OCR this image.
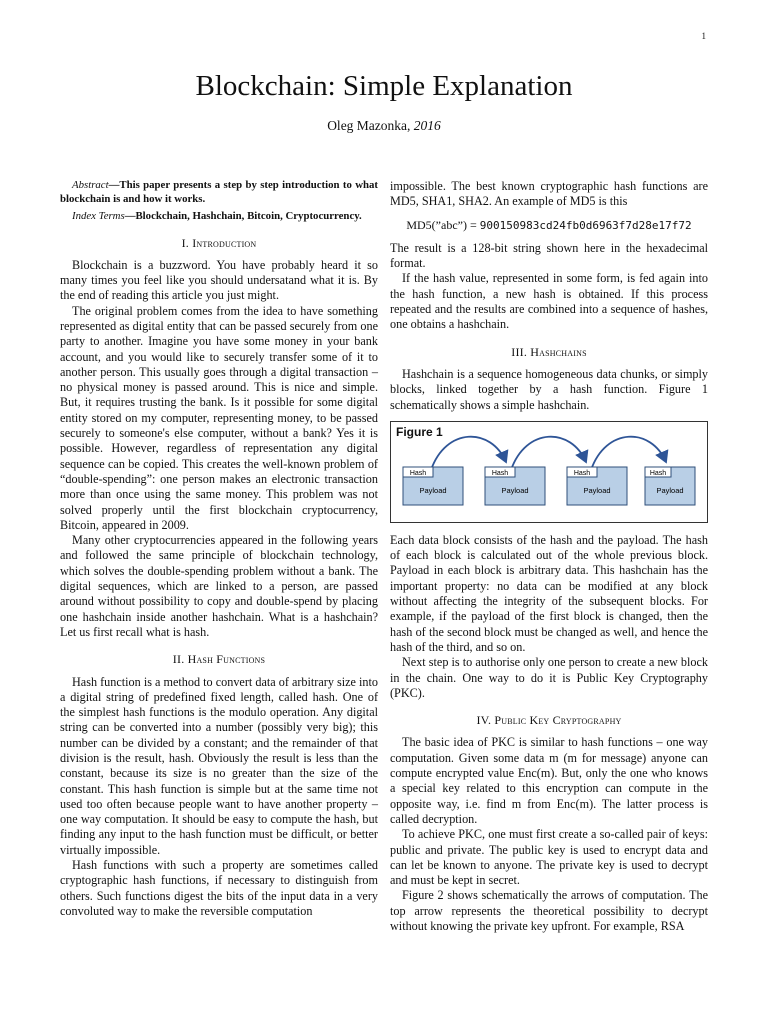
1
Blockchain: Simple Explanation
Oleg Mazonka, 2016

Abstract—This paper presents a step by step introduction to what blockchain is and how it works.

Index Terms—Blockchain, Hashchain, Bitcoin, Cryptocurrency.

I. Introduction

Blockchain is a buzzword. You have probably heard it so many times you feel like you should undersatand what it is. By the end of reading this article you just might.

The original problem comes from the idea to have something represented as digital entity that can be passed securely from one party to another. Imagine you have some money in your bank account, and you would like to securely transfer some of it to another person. This usually goes through a digital transaction – no physical money is passed around. This is nice and simple. But, it requires trusting the bank. Is it possible for some digital entity stored on my computer, representing money, to be passed securely to someone's else computer, without a bank? Yes it is possible. However, regardless of representation any digital sequence can be copied. This creates the well-known problem of “double-spending”: one person makes an electronic transaction more than once using the same money. This problem was not solved properly until the first blockchain cryptocurrency, Bitcoin, appeared in 2009.

Many other cryptocurrencies appeared in the following years and followed the same principle of blockchain technology, which solves the double-spending problem without a bank. The digital sequences, which are linked to a person, are passed around without possibility to copy and double-spend by placing one hashchain inside another hashchain. What is a hashchain? Let us first recall what is hash.

II. Hash Functions

Hash function is a method to convert data of arbitrary size into a digital string of predefined fixed length, called hash. One of the simplest hash functions is the modulo operation. Any digital string can be converted into a number (possibly very big); this number can be divided by a constant; and the remainder of that division is the result, hash. Obviously the result is less than the constant, because its size is no greater than the size of the constant. This hash function is simple but at the same time not used too often because people want to have another property – one way computation. It should be easy to compute the hash, but finding any input to the hash function must be difficult, or better virtually impossible.

Hash functions with such a property are sometimes called cryptographic hash functions, if necessary to distinguish from others. Such functions digest the bits of the input data in a very convoluted way to make the reversible computation

impossible. The best known cryptographic hash functions are MD5, SHA1, SHA2. An example of MD5 is this

MD5(”abc”) = 900150983cd24fb0d6963f7d28e17f72

The result is a 128-bit string shown here in the hexadecimal format.

If the hash value, represented in some form, is fed again into the hash function, a new hash is obtained. If this process repeated and the results are combined into a sequence of hashes, one obtains a hashchain.

III. Hashchains

Hashchain is a sequence homogeneous data chunks, or simply blocks, linked together by a hash function. Figure 1 schematically shows a simple hashchain.

Figure 1
Hash
Payload
Hash
Payload
Hash
Payload
Hash
Payload

Each data block consists of the hash and the payload. The hash of each block is calculated out of the whole previous block. Payload in each block is arbitrary data. This hashchain has the important property: no data can be modified at any block without affecting the integrity of the subsequent blocks. For example, if the payload of the first block is changed, then the hash of the second block must be changed as well, and hence the hash of the third, and so on.

Next step is to authorise only one person to create a new block in the chain. One way to do it is Public Key Cryptography (PKC).

IV. Public Key Cryptography

The basic idea of PKC is similar to hash functions – one way computation. Given some data m (m for message) anyone can compute encrypted value Enc(m). But, only the one who knows a special key related to this encryption can compute in the opposite way, i.e. find m from Enc(m). The latter process is called decryption.

To achieve PKC, one must first create a so-called pair of keys: public and private. The public key is used to encrypt data and can let be known to anyone. The private key is used to decrypt and must be kept in secret.

Figure 2 shows schematically the arrows of computation. The top arrow represents the theoretical possibility to decrypt without knowing the private key upfront. For example, RSA
